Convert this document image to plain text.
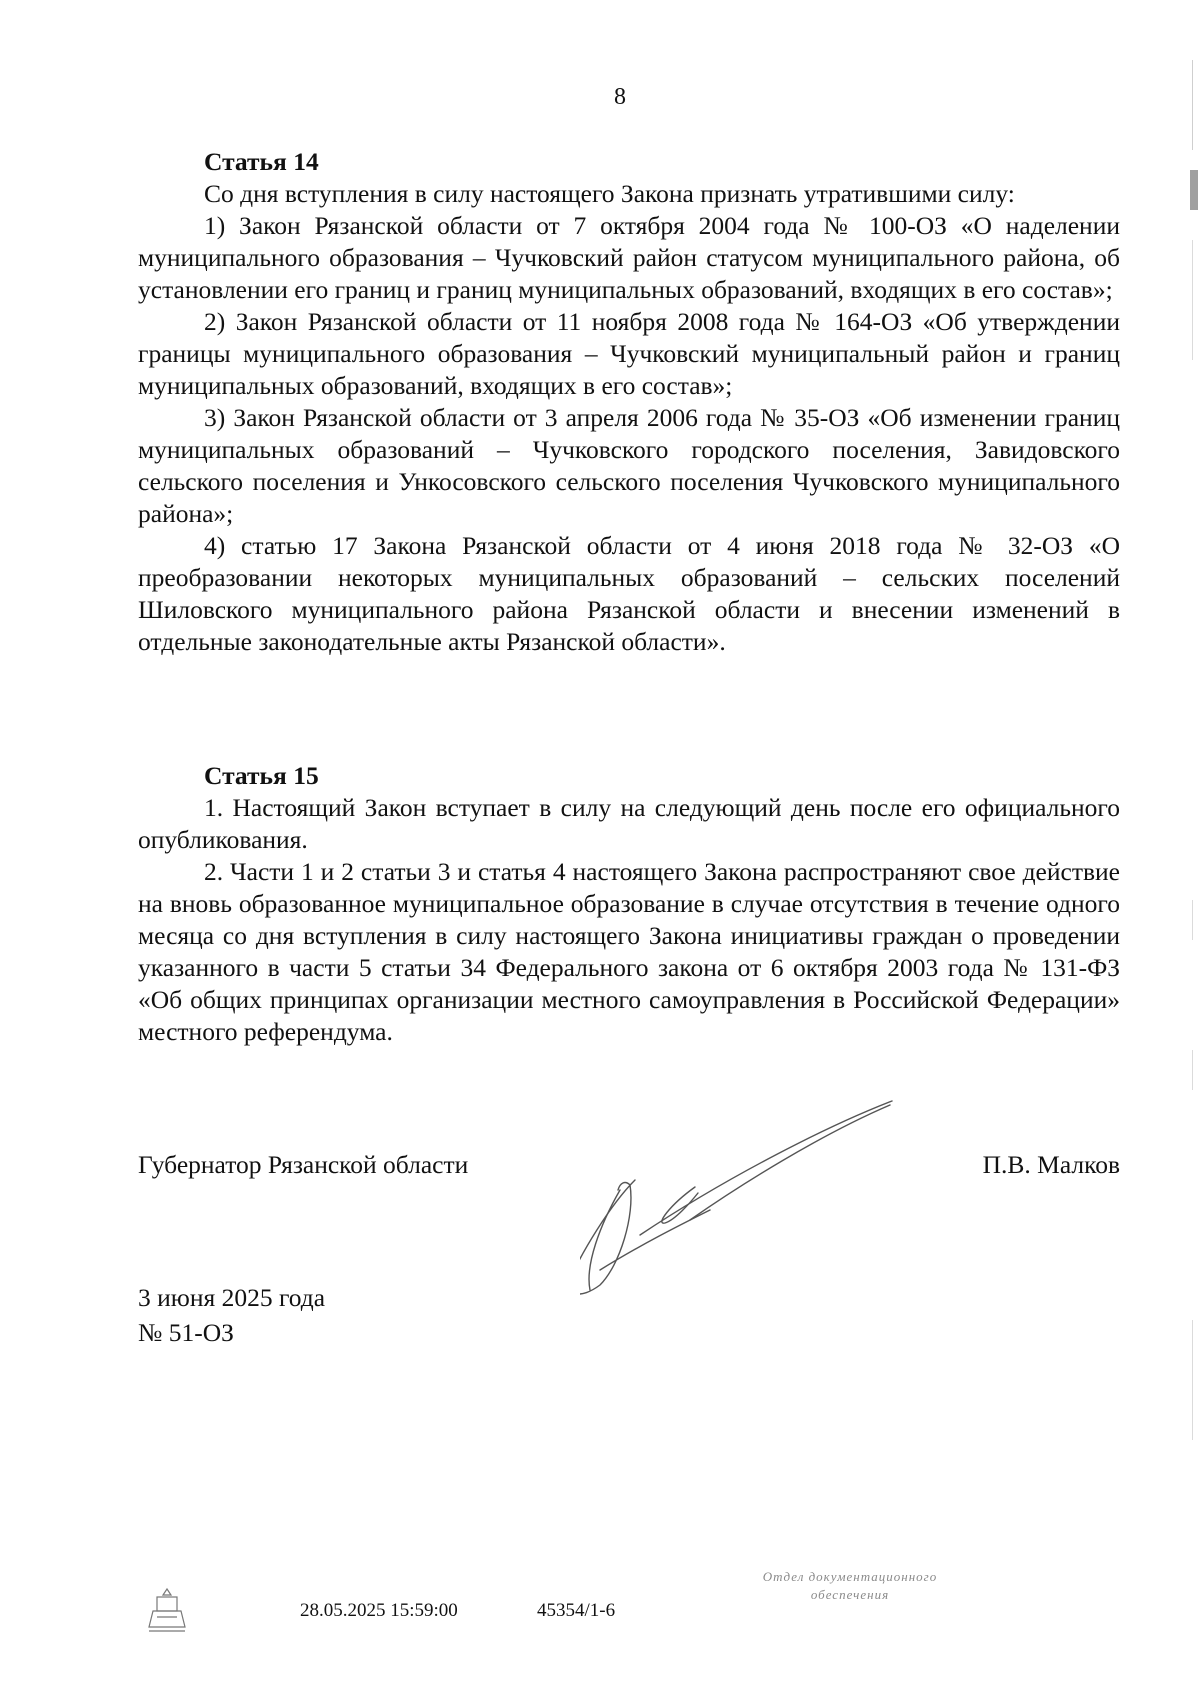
8
Статья 14

Со дня вступления в силу настоящего Закона признать утратившими силу:

1) Закон Рязанской области от 7 октября 2004 года № 100-ОЗ «О наделении муниципального образования – Чучковский район статусом муниципального района, об установлении его границ и границ муниципальных образований, входящих в его состав»;

2) Закон Рязанской области от 11 ноября 2008 года № 164-ОЗ «Об утверждении границы муниципального образования – Чучковский муниципальный район и границ муниципальных образований, входящих в его состав»;

3) Закон Рязанской области от 3 апреля 2006 года № 35-ОЗ «Об изменении границ муниципальных образований – Чучковского городского поселения, Завидовского сельского поселения и Ункосовского сельского поселения Чучковского муниципального района»;

4) статью 17 Закона Рязанской области от 4 июня 2018 года № 32-ОЗ «О преобразовании некоторых муниципальных образований – сельских поселений Шиловского муниципального района Рязанской области и внесении изменений в отдельные законодательные акты Рязанской области».

Статья 15

1. Настоящий Закон вступает в силу на следующий день после его официального опубликования.

2. Части 1 и 2 статьи 3 и статья 4 настоящего Закона распространяют свое действие на вновь образованное муниципальное образование в случае отсутствия в течение одного месяца со дня вступления в силу настоящего Закона инициативы граждан о проведении указанного в части 5 статьи 34 Федерального закона от 6 октября 2003 года № 131-ФЗ «Об общих принципах организации местного самоуправления в Российской Федерации» местного референдума.

Губернатор Рязанской области	П.В. Малков
3 июня 2025 года
№ 51-ОЗ
28.05.2025 15:59:00	45354/1-6
Отдел документационного
обеспечения
